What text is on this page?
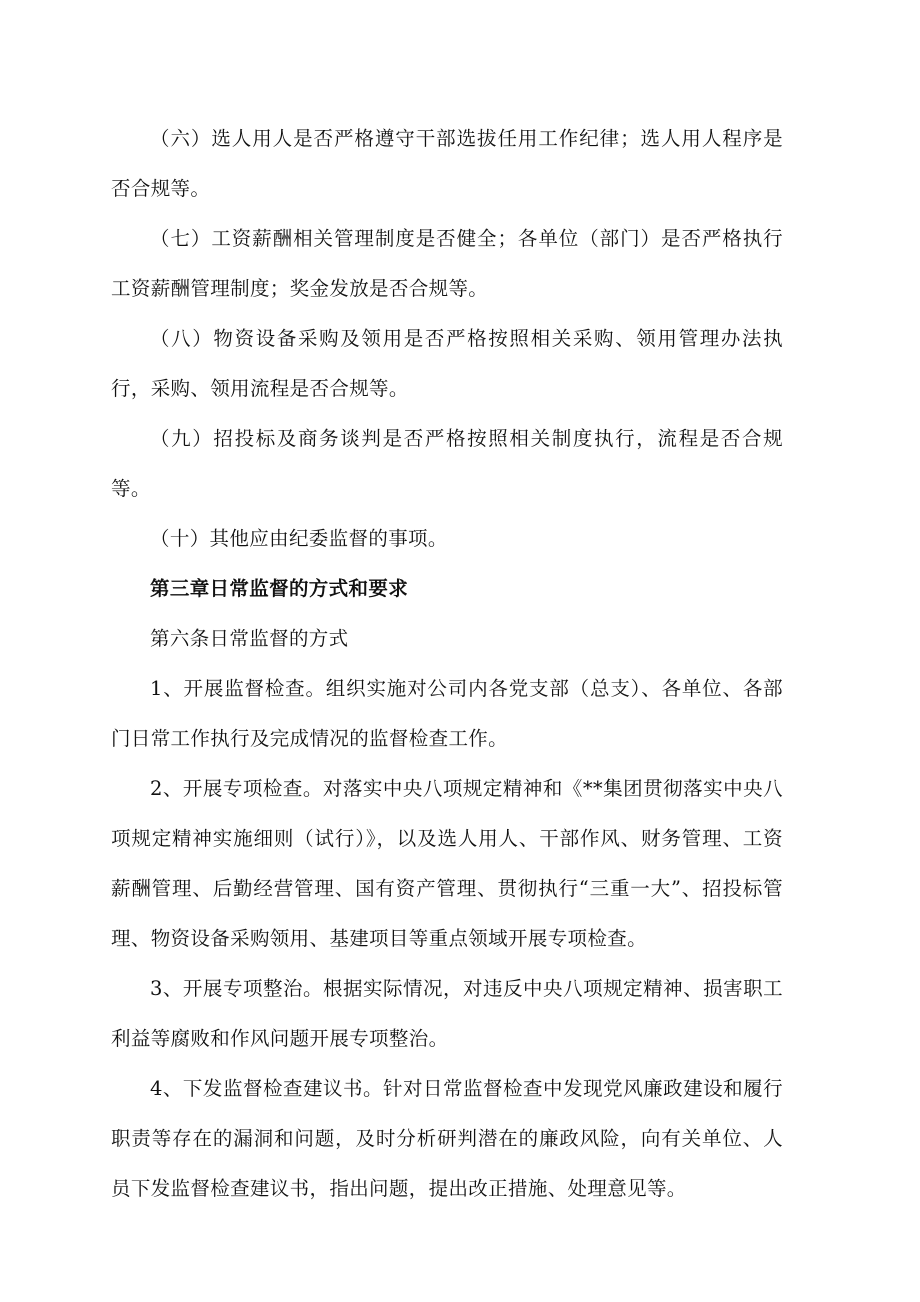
（六）选人用人是否严格遵守干部选拔任用工作纪律；选人用人程序是否合规等。

（七）工资薪酬相关管理制度是否健全；各单位（部门）是否严格执行工资薪酬管理制度；奖金发放是否合规等。

（八）物资设备采购及领用是否严格按照相关采购、领用管理办法执行，采购、领用流程是否合规等。

（九）招投标及商务谈判是否严格按照相关制度执行，流程是否合规等。

（十）其他应由纪委监督的事项。

第三章日常监督的方式和要求

第六条日常监督的方式

1、开展监督检查。组织实施对公司内各党支部（总支）、各单位、各部门日常工作执行及完成情况的监督检查工作。

2、开展专项检查。对落实中央八项规定精神和《**集团贯彻落实中央八项规定精神实施细则（试行）》，以及选人用人、干部作风、财务管理、工资薪酬管理、后勤经营管理、国有资产管理、贯彻执行“三重一大”、招投标管理、物资设备采购领用、基建项目等重点领域开展专项检查。

3、开展专项整治。根据实际情况，对违反中央八项规定精神、损害职工利益等腐败和作风问题开展专项整治。

4、下发监督检查建议书。针对日常监督检查中发现党风廉政建设和履行职责等存在的漏洞和问题，及时分析研判潜在的廉政风险，向有关单位、人员下发监督检查建议书，指出问题，提出改正措施、处理意见等。
